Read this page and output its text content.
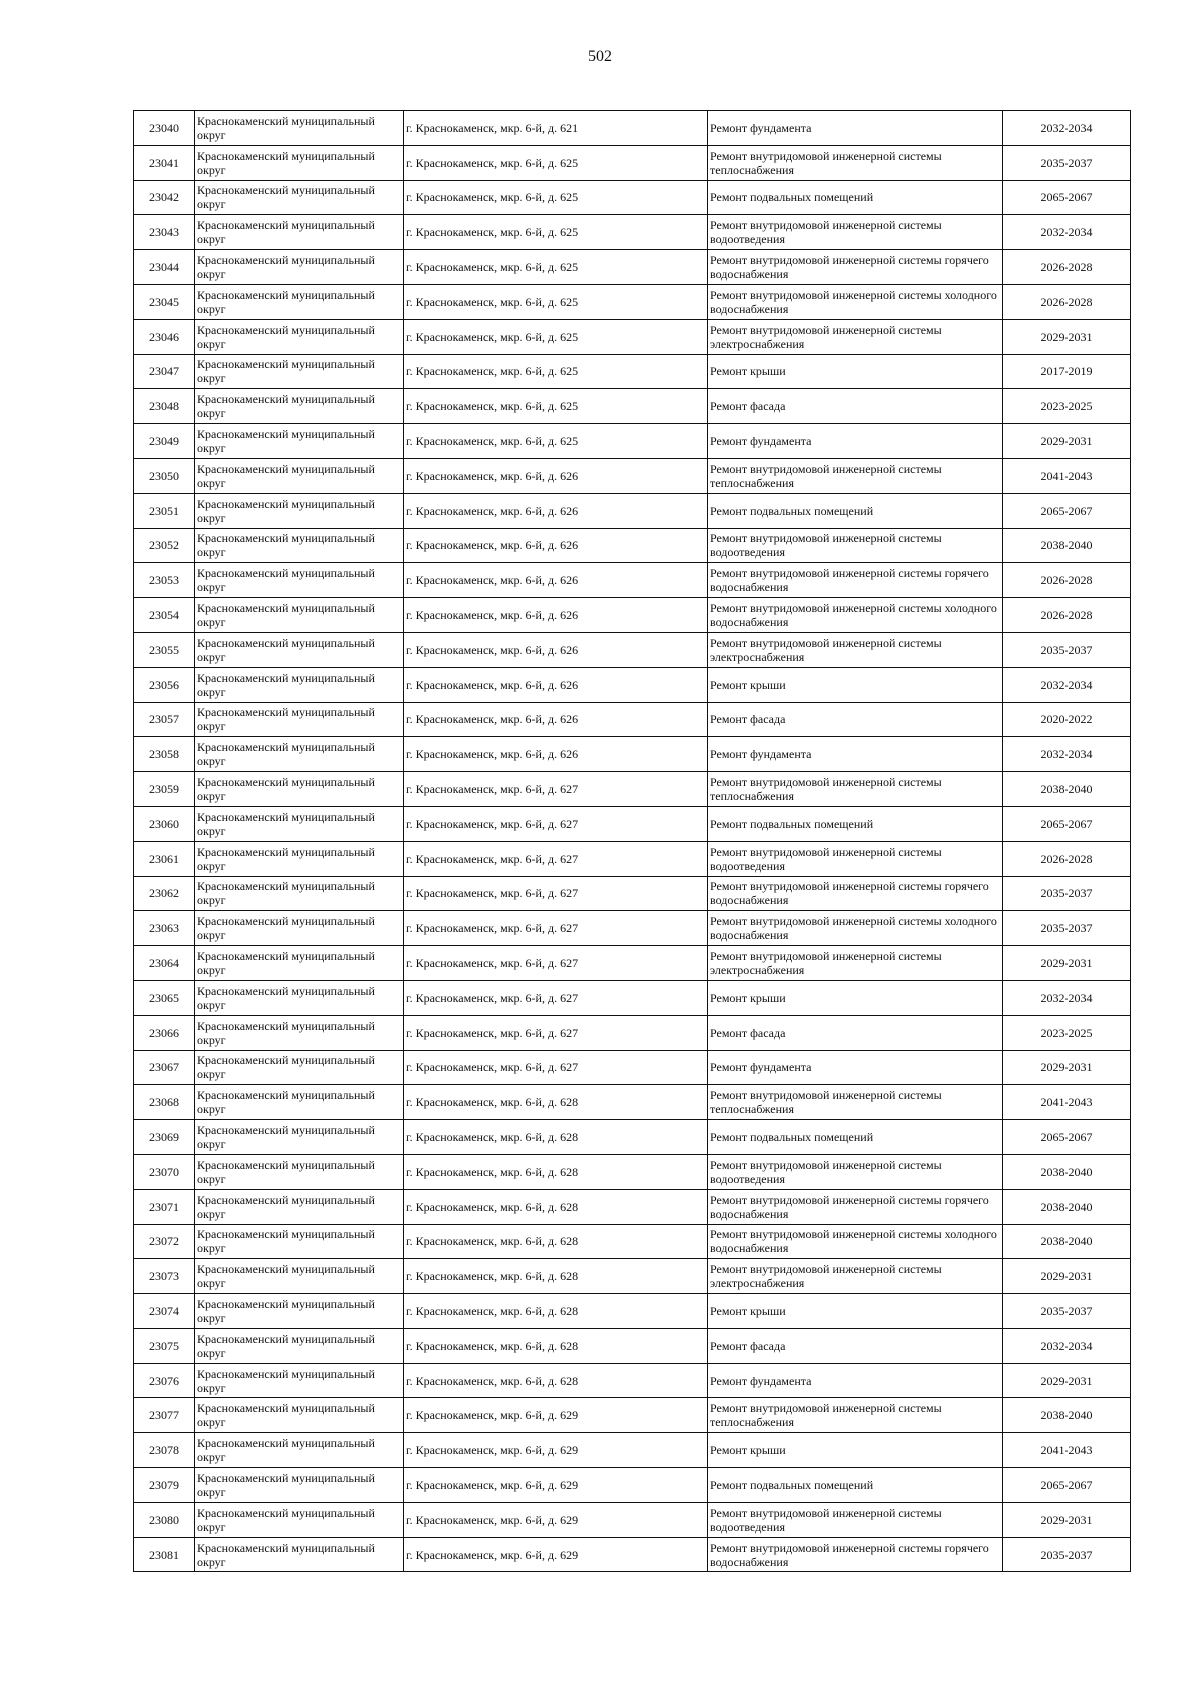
502
23040	Краснокаменский муниципальный округ	г. Краснокаменск, мкр. 6-й, д. 621	Ремонт фундамента	2032-2034
23041	Краснокаменский муниципальный округ	г. Краснокаменск, мкр. 6-й, д. 625	Ремонт внутридомовой инженерной системы теплоснабжения	2035-2037
23042	Краснокаменский муниципальный округ	г. Краснокаменск, мкр. 6-й, д. 625	Ремонт подвальных помещений	2065-2067
23043	Краснокаменский муниципальный округ	г. Краснокаменск, мкр. 6-й, д. 625	Ремонт внутридомовой инженерной системы водоотведения	2032-2034
23044	Краснокаменский муниципальный округ	г. Краснокаменск, мкр. 6-й, д. 625	Ремонт внутридомовой инженерной системы горячего водоснабжения	2026-2028
23045	Краснокаменский муниципальный округ	г. Краснокаменск, мкр. 6-й, д. 625	Ремонт внутридомовой инженерной системы холодного водоснабжения	2026-2028
23046	Краснокаменский муниципальный округ	г. Краснокаменск, мкр. 6-й, д. 625	Ремонт внутридомовой инженерной системы электроснабжения	2029-2031
23047	Краснокаменский муниципальный округ	г. Краснокаменск, мкр. 6-й, д. 625	Ремонт крыши	2017-2019
23048	Краснокаменский муниципальный округ	г. Краснокаменск, мкр. 6-й, д. 625	Ремонт фасада	2023-2025
23049	Краснокаменский муниципальный округ	г. Краснокаменск, мкр. 6-й, д. 625	Ремонт фундамента	2029-2031
23050	Краснокаменский муниципальный округ	г. Краснокаменск, мкр. 6-й, д. 626	Ремонт внутридомовой инженерной системы теплоснабжения	2041-2043
23051	Краснокаменский муниципальный округ	г. Краснокаменск, мкр. 6-й, д. 626	Ремонт подвальных помещений	2065-2067
23052	Краснокаменский муниципальный округ	г. Краснокаменск, мкр. 6-й, д. 626	Ремонт внутридомовой инженерной системы водоотведения	2038-2040
23053	Краснокаменский муниципальный округ	г. Краснокаменск, мкр. 6-й, д. 626	Ремонт внутридомовой инженерной системы горячего водоснабжения	2026-2028
23054	Краснокаменский муниципальный округ	г. Краснокаменск, мкр. 6-й, д. 626	Ремонт внутридомовой инженерной системы холодного водоснабжения	2026-2028
23055	Краснокаменский муниципальный округ	г. Краснокаменск, мкр. 6-й, д. 626	Ремонт внутридомовой инженерной системы электроснабжения	2035-2037
23056	Краснокаменский муниципальный округ	г. Краснокаменск, мкр. 6-й, д. 626	Ремонт крыши	2032-2034
23057	Краснокаменский муниципальный округ	г. Краснокаменск, мкр. 6-й, д. 626	Ремонт фасада	2020-2022
23058	Краснокаменский муниципальный округ	г. Краснокаменск, мкр. 6-й, д. 626	Ремонт фундамента	2032-2034
23059	Краснокаменский муниципальный округ	г. Краснокаменск, мкр. 6-й, д. 627	Ремонт внутридомовой инженерной системы теплоснабжения	2038-2040
23060	Краснокаменский муниципальный округ	г. Краснокаменск, мкр. 6-й, д. 627	Ремонт подвальных помещений	2065-2067
23061	Краснокаменский муниципальный округ	г. Краснокаменск, мкр. 6-й, д. 627	Ремонт внутридомовой инженерной системы водоотведения	2026-2028
23062	Краснокаменский муниципальный округ	г. Краснокаменск, мкр. 6-й, д. 627	Ремонт внутридомовой инженерной системы горячего водоснабжения	2035-2037
23063	Краснокаменский муниципальный округ	г. Краснокаменск, мкр. 6-й, д. 627	Ремонт внутридомовой инженерной системы холодного водоснабжения	2035-2037
23064	Краснокаменский муниципальный округ	г. Краснокаменск, мкр. 6-й, д. 627	Ремонт внутридомовой инженерной системы электроснабжения	2029-2031
23065	Краснокаменский муниципальный округ	г. Краснокаменск, мкр. 6-й, д. 627	Ремонт крыши	2032-2034
23066	Краснокаменский муниципальный округ	г. Краснокаменск, мкр. 6-й, д. 627	Ремонт фасада	2023-2025
23067	Краснокаменский муниципальный округ	г. Краснокаменск, мкр. 6-й, д. 627	Ремонт фундамента	2029-2031
23068	Краснокаменский муниципальный округ	г. Краснокаменск, мкр. 6-й, д. 628	Ремонт внутридомовой инженерной системы теплоснабжения	2041-2043
23069	Краснокаменский муниципальный округ	г. Краснокаменск, мкр. 6-й, д. 628	Ремонт подвальных помещений	2065-2067
23070	Краснокаменский муниципальный округ	г. Краснокаменск, мкр. 6-й, д. 628	Ремонт внутридомовой инженерной системы водоотведения	2038-2040
23071	Краснокаменский муниципальный округ	г. Краснокаменск, мкр. 6-й, д. 628	Ремонт внутридомовой инженерной системы горячего водоснабжения	2038-2040
23072	Краснокаменский муниципальный округ	г. Краснокаменск, мкр. 6-й, д. 628	Ремонт внутридомовой инженерной системы холодного водоснабжения	2038-2040
23073	Краснокаменский муниципальный округ	г. Краснокаменск, мкр. 6-й, д. 628	Ремонт внутридомовой инженерной системы электроснабжения	2029-2031
23074	Краснокаменский муниципальный округ	г. Краснокаменск, мкр. 6-й, д. 628	Ремонт крыши	2035-2037
23075	Краснокаменский муниципальный округ	г. Краснокаменск, мкр. 6-й, д. 628	Ремонт фасада	2032-2034
23076	Краснокаменский муниципальный округ	г. Краснокаменск, мкр. 6-й, д. 628	Ремонт фундамента	2029-2031
23077	Краснокаменский муниципальный округ	г. Краснокаменск, мкр. 6-й, д. 629	Ремонт внутридомовой инженерной системы теплоснабжения	2038-2040
23078	Краснокаменский муниципальный округ	г. Краснокаменск, мкр. 6-й, д. 629	Ремонт крыши	2041-2043
23079	Краснокаменский муниципальный округ	г. Краснокаменск, мкр. 6-й, д. 629	Ремонт подвальных помещений	2065-2067
23080	Краснокаменский муниципальный округ	г. Краснокаменск, мкр. 6-й, д. 629	Ремонт внутридомовой инженерной системы водоотведения	2029-2031
23081	Краснокаменский муниципальный округ	г. Краснокаменск, мкр. 6-й, д. 629	Ремонт внутридомовой инженерной системы горячего водоснабжения	2035-2037
